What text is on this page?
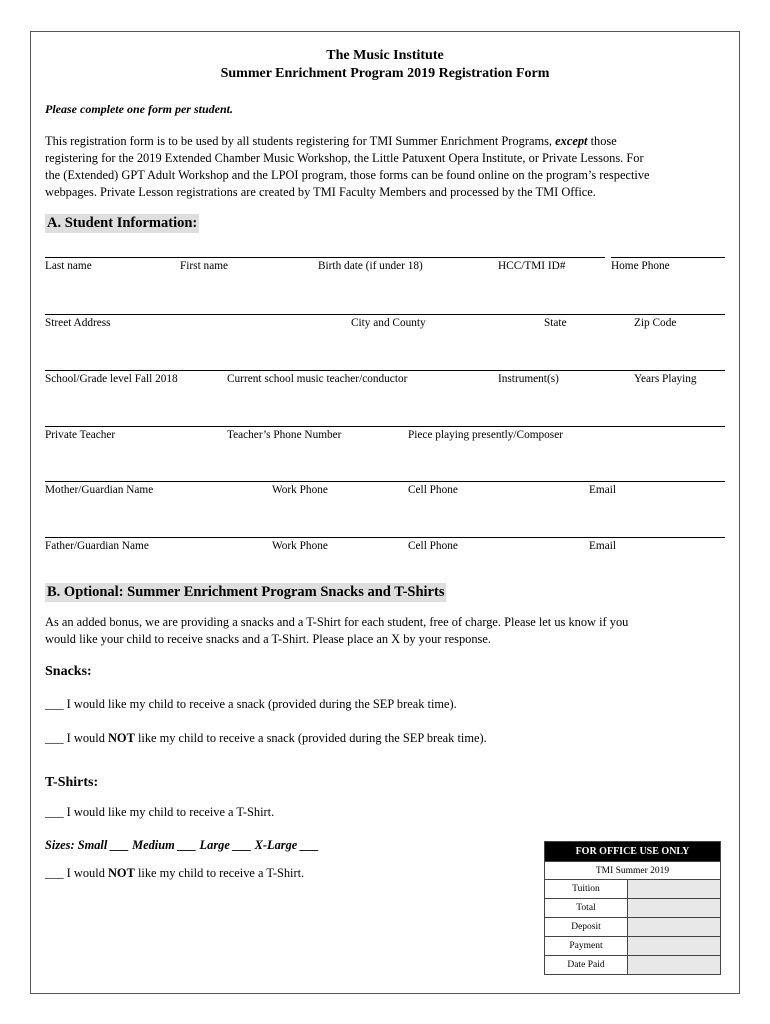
The Music Institute
Summer Enrichment Program 2019 Registration Form
Please complete one form per student.
This registration form is to be used by all students registering for TMI Summer Enrichment Programs, except those
registering for the 2019 Extended Chamber Music Workshop, the Little Patuxent Opera Institute, or Private Lessons. For
the (Extended) GPT Adult Workshop and the LPOI program, those forms can be found online on the program’s respective
webpages. Private Lesson registrations are created by TMI Faculty Members and processed by the TMI Office.
A. Student Information:
Last name	First name	Birth date (if under 18)	HCC/TMI ID#	Home Phone
Street Address	City and County	State	Zip Code
School/Grade level Fall 2018	Current school music teacher/conductor	Instrument(s)	Years Playing
Private Teacher	Teacher’s Phone Number	Piece playing presently/Composer
Mother/Guardian Name	Work Phone	Cell Phone	Email
Father/Guardian Name	Work Phone	Cell Phone	Email
B. Optional: Summer Enrichment Program Snacks and T-Shirts
As an added bonus, we are providing a snacks and a T-Shirt for each student, free of charge. Please let us know if you
would like your child to receive snacks and a T-Shirt. Please place an X by your response.
Snacks:
___ I would like my child to receive a snack (provided during the SEP break time).
___ I would NOT like my child to receive a snack (provided during the SEP break time).
T-Shirts:
___ I would like my child to receive a T-Shirt.
Sizes: Small ___ Medium ___ Large ___ X-Large ___
___ I would NOT like my child to receive a T-Shirt.
FOR OFFICE USE ONLY	
TMI Summer 2019	
Tuition	
Total	
Deposit	
Payment	
Date Paid	
